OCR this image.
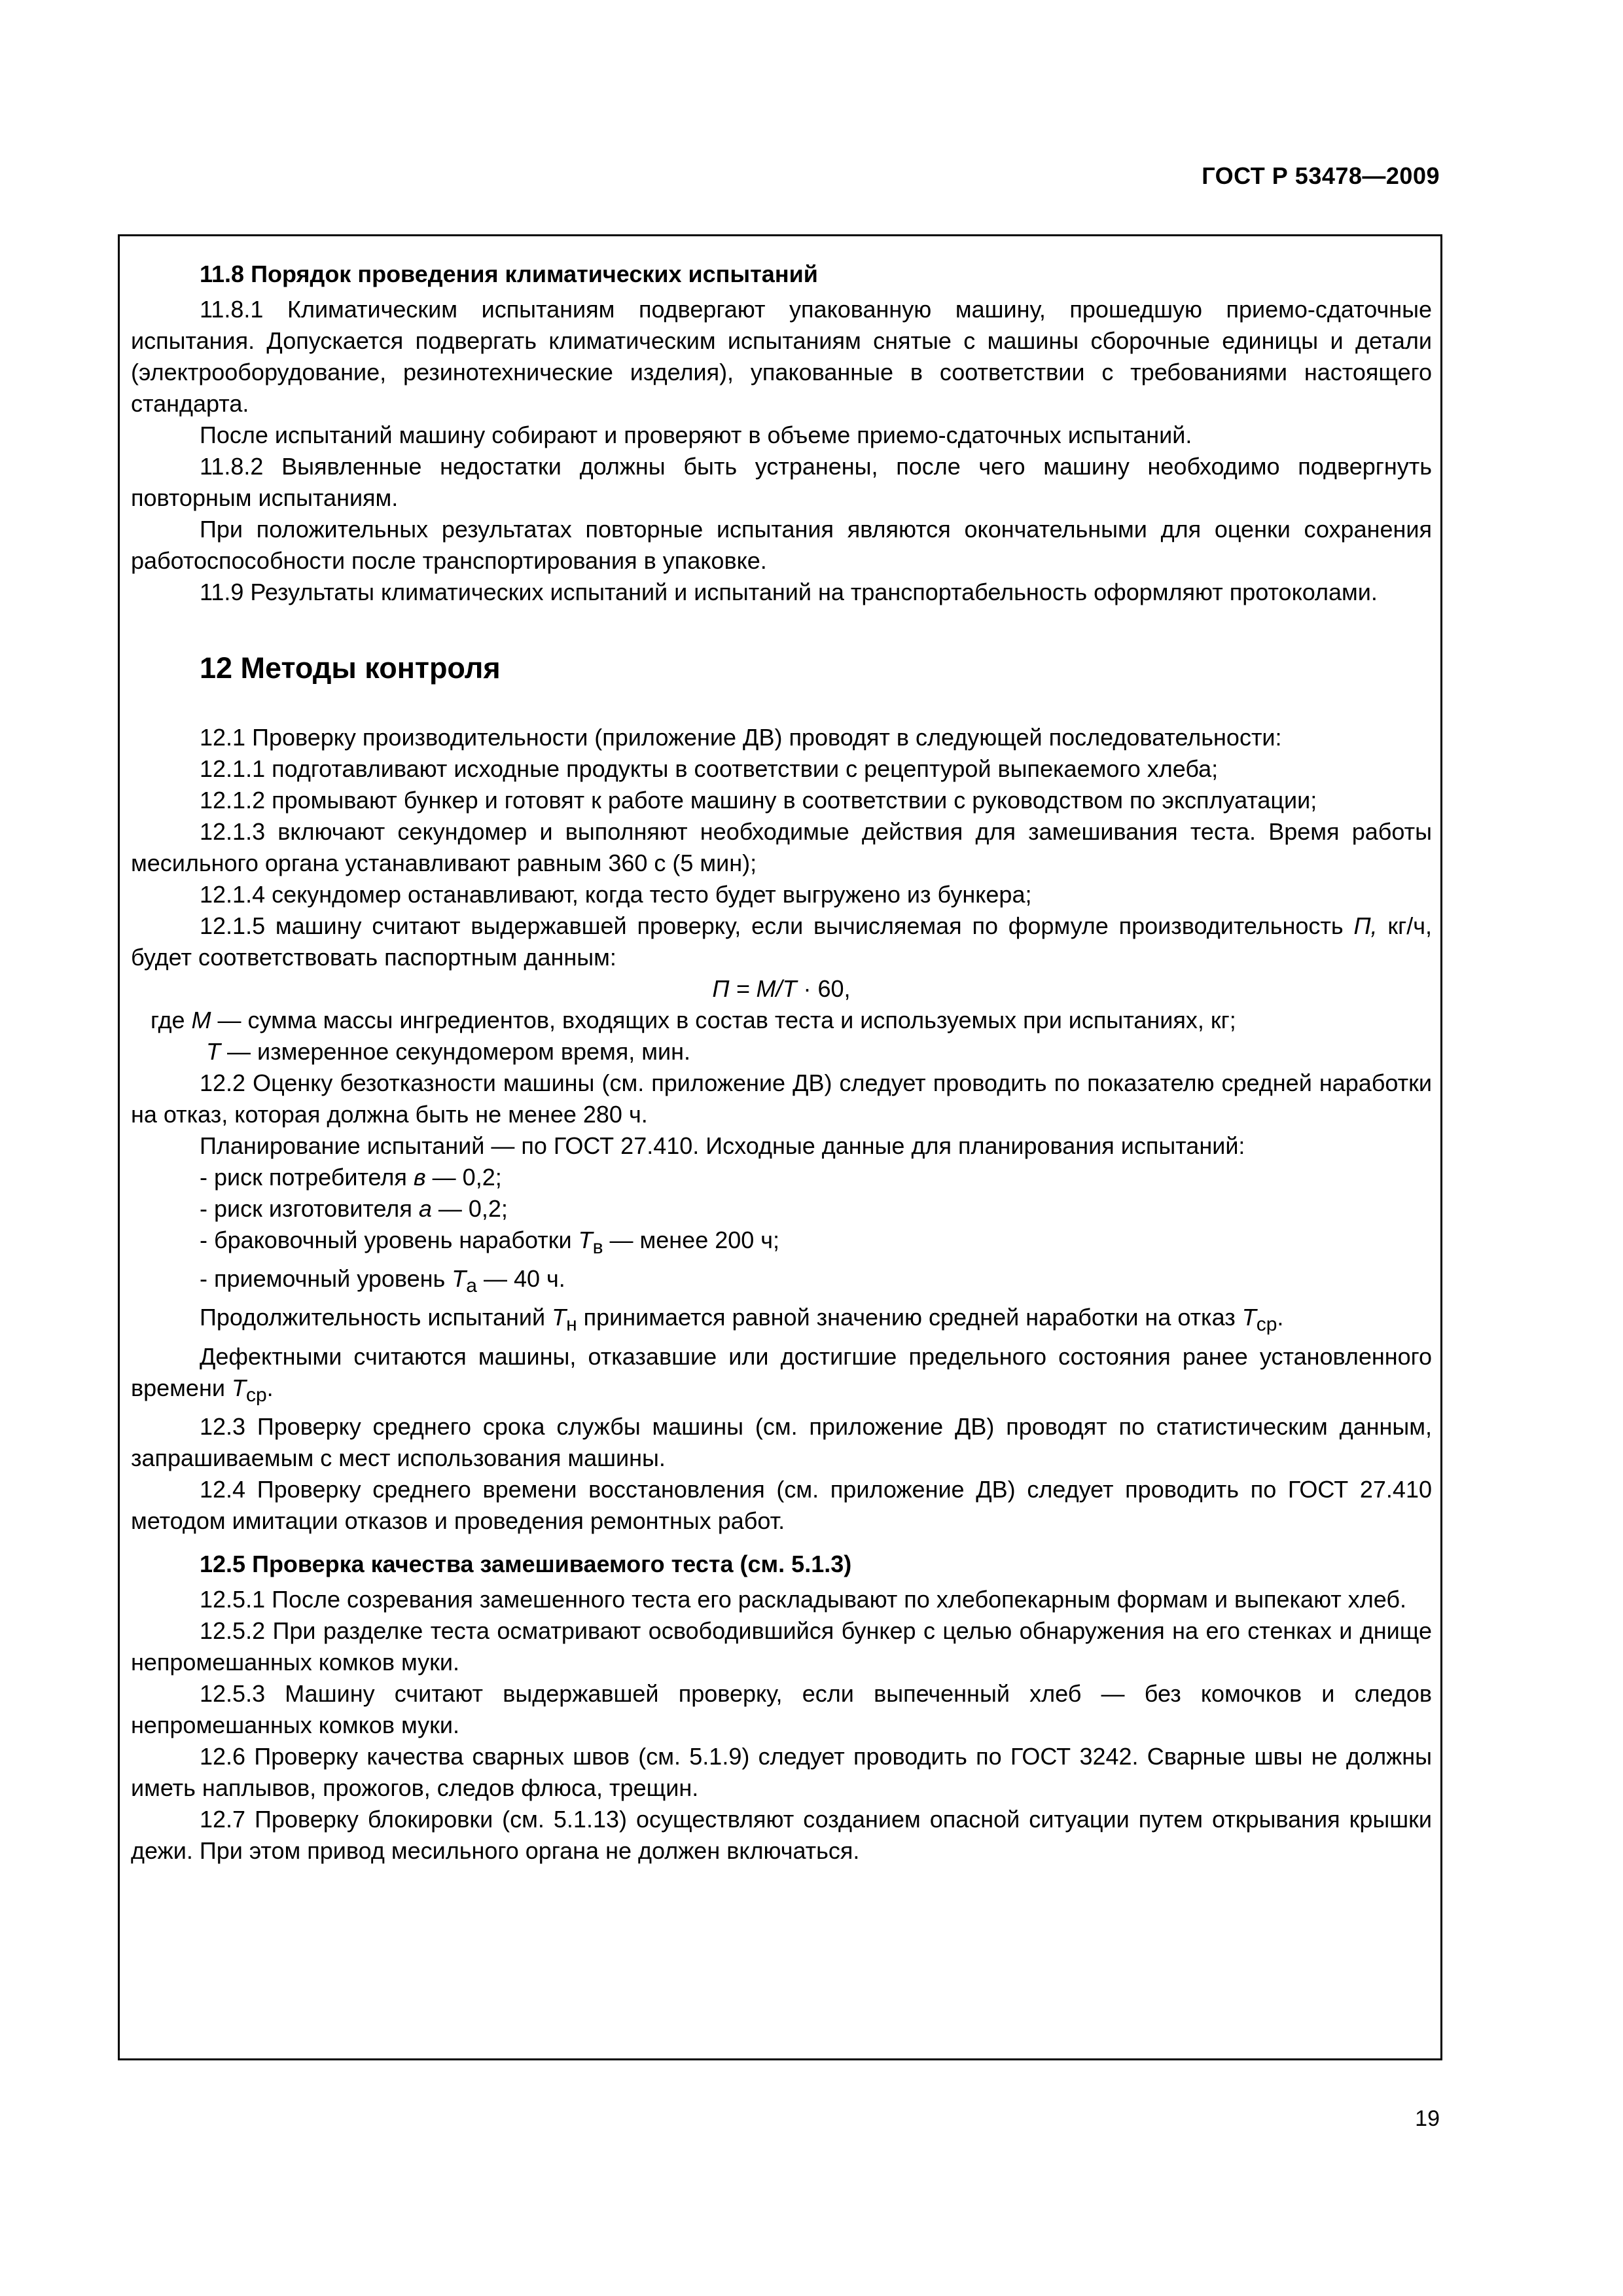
ГОСТ Р 53478—2009

11.8 Порядок проведения климатических испытаний

11.8.1 Климатическим испытаниям подвергают упакованную машину, прошедшую приемо-сдаточные испытания. Допускается подвергать климатическим испытаниям снятые с машины сборочные единицы и детали (электрооборудование, резинотехнические изделия), упакованные в соответствии с требованиями настоящего стандарта.

После испытаний машину собирают и проверяют в объеме приемо-сдаточных испытаний.

11.8.2 Выявленные недостатки должны быть устранены, после чего машину необходимо подвергнуть повторным испытаниям.

При положительных результатах повторные испытания являются окончательными для оценки сохранения работоспособности после транспортирования в упаковке.

11.9 Результаты климатических испытаний и испытаний на транспортабельность оформляют протоколами.

12 Методы контроля

12.1 Проверку производительности (приложение ДВ) проводят в следующей последовательности:

12.1.1 подготавливают исходные продукты в соответствии с рецептурой выпекаемого хлеба;

12.1.2 промывают бункер и готовят к работе машину в соответствии с руководством по эксплуатации;

12.1.3 включают секундомер и выполняют необходимые действия для замешивания теста. Время работы месильного органа устанавливают равным 360 с (5 мин);

12.1.4 секундомер останавливают, когда тесто будет выгружено из бункера;

12.1.5 машину считают выдержавшей проверку, если вычисляемая по формуле производительность П, кг/ч, будет соответствовать паспортным данным:

П = М/Т · 60,

где М — сумма массы ингредиентов, входящих в состав теста и используемых при испытаниях, кг;

Т — измеренное секундомером время, мин.

12.2 Оценку безотказности машины (см. приложение ДВ) следует проводить по показателю средней наработки на отказ, которая должна быть не менее 280 ч.

Планирование испытаний — по ГОСТ 27.410. Исходные данные для планирования испытаний:

- риск потребителя в — 0,2;

- риск изготовителя а — 0,2;

- браковочный уровень наработки $Т_в$ — менее 200 ч;

- приемочный уровень $Т_а$ — 40 ч.

Продолжительность испытаний $Т_н$ принимается равной значению средней наработки на отказ $Т_{ср}$.

Дефектными считаются машины, отказавшие или достигшие предельного состояния ранее установленного времени $Т_{ср}$.

12.3 Проверку среднего срока службы машины (см. приложение ДВ) проводят по статистическим данным, запрашиваемым с мест использования машины.

12.4 Проверку среднего времени восстановления (см. приложение ДВ) следует проводить по ГОСТ 27.410 методом имитации отказов и проведения ремонтных работ.

12.5 Проверка качества замешиваемого теста (см. 5.1.3)

12.5.1 После созревания замешенного теста его раскладывают по хлебопекарным формам и выпекают хлеб.

12.5.2 При разделке теста осматривают освободившийся бункер с целью обнаружения на его стенках и днище непромешанных комков муки.

12.5.3 Машину считают выдержавшей проверку, если выпеченный хлеб — без комочков и следов непромешанных комков муки.

12.6 Проверку качества сварных швов (см. 5.1.9) следует проводить по ГОСТ 3242. Сварные швы не должны иметь наплывов, прожогов, следов флюса, трещин.

12.7 Проверку блокировки (см. 5.1.13) осуществляют созданием опасной ситуации путем открывания крышки дежи. При этом привод месильного органа не должен включаться.

19
